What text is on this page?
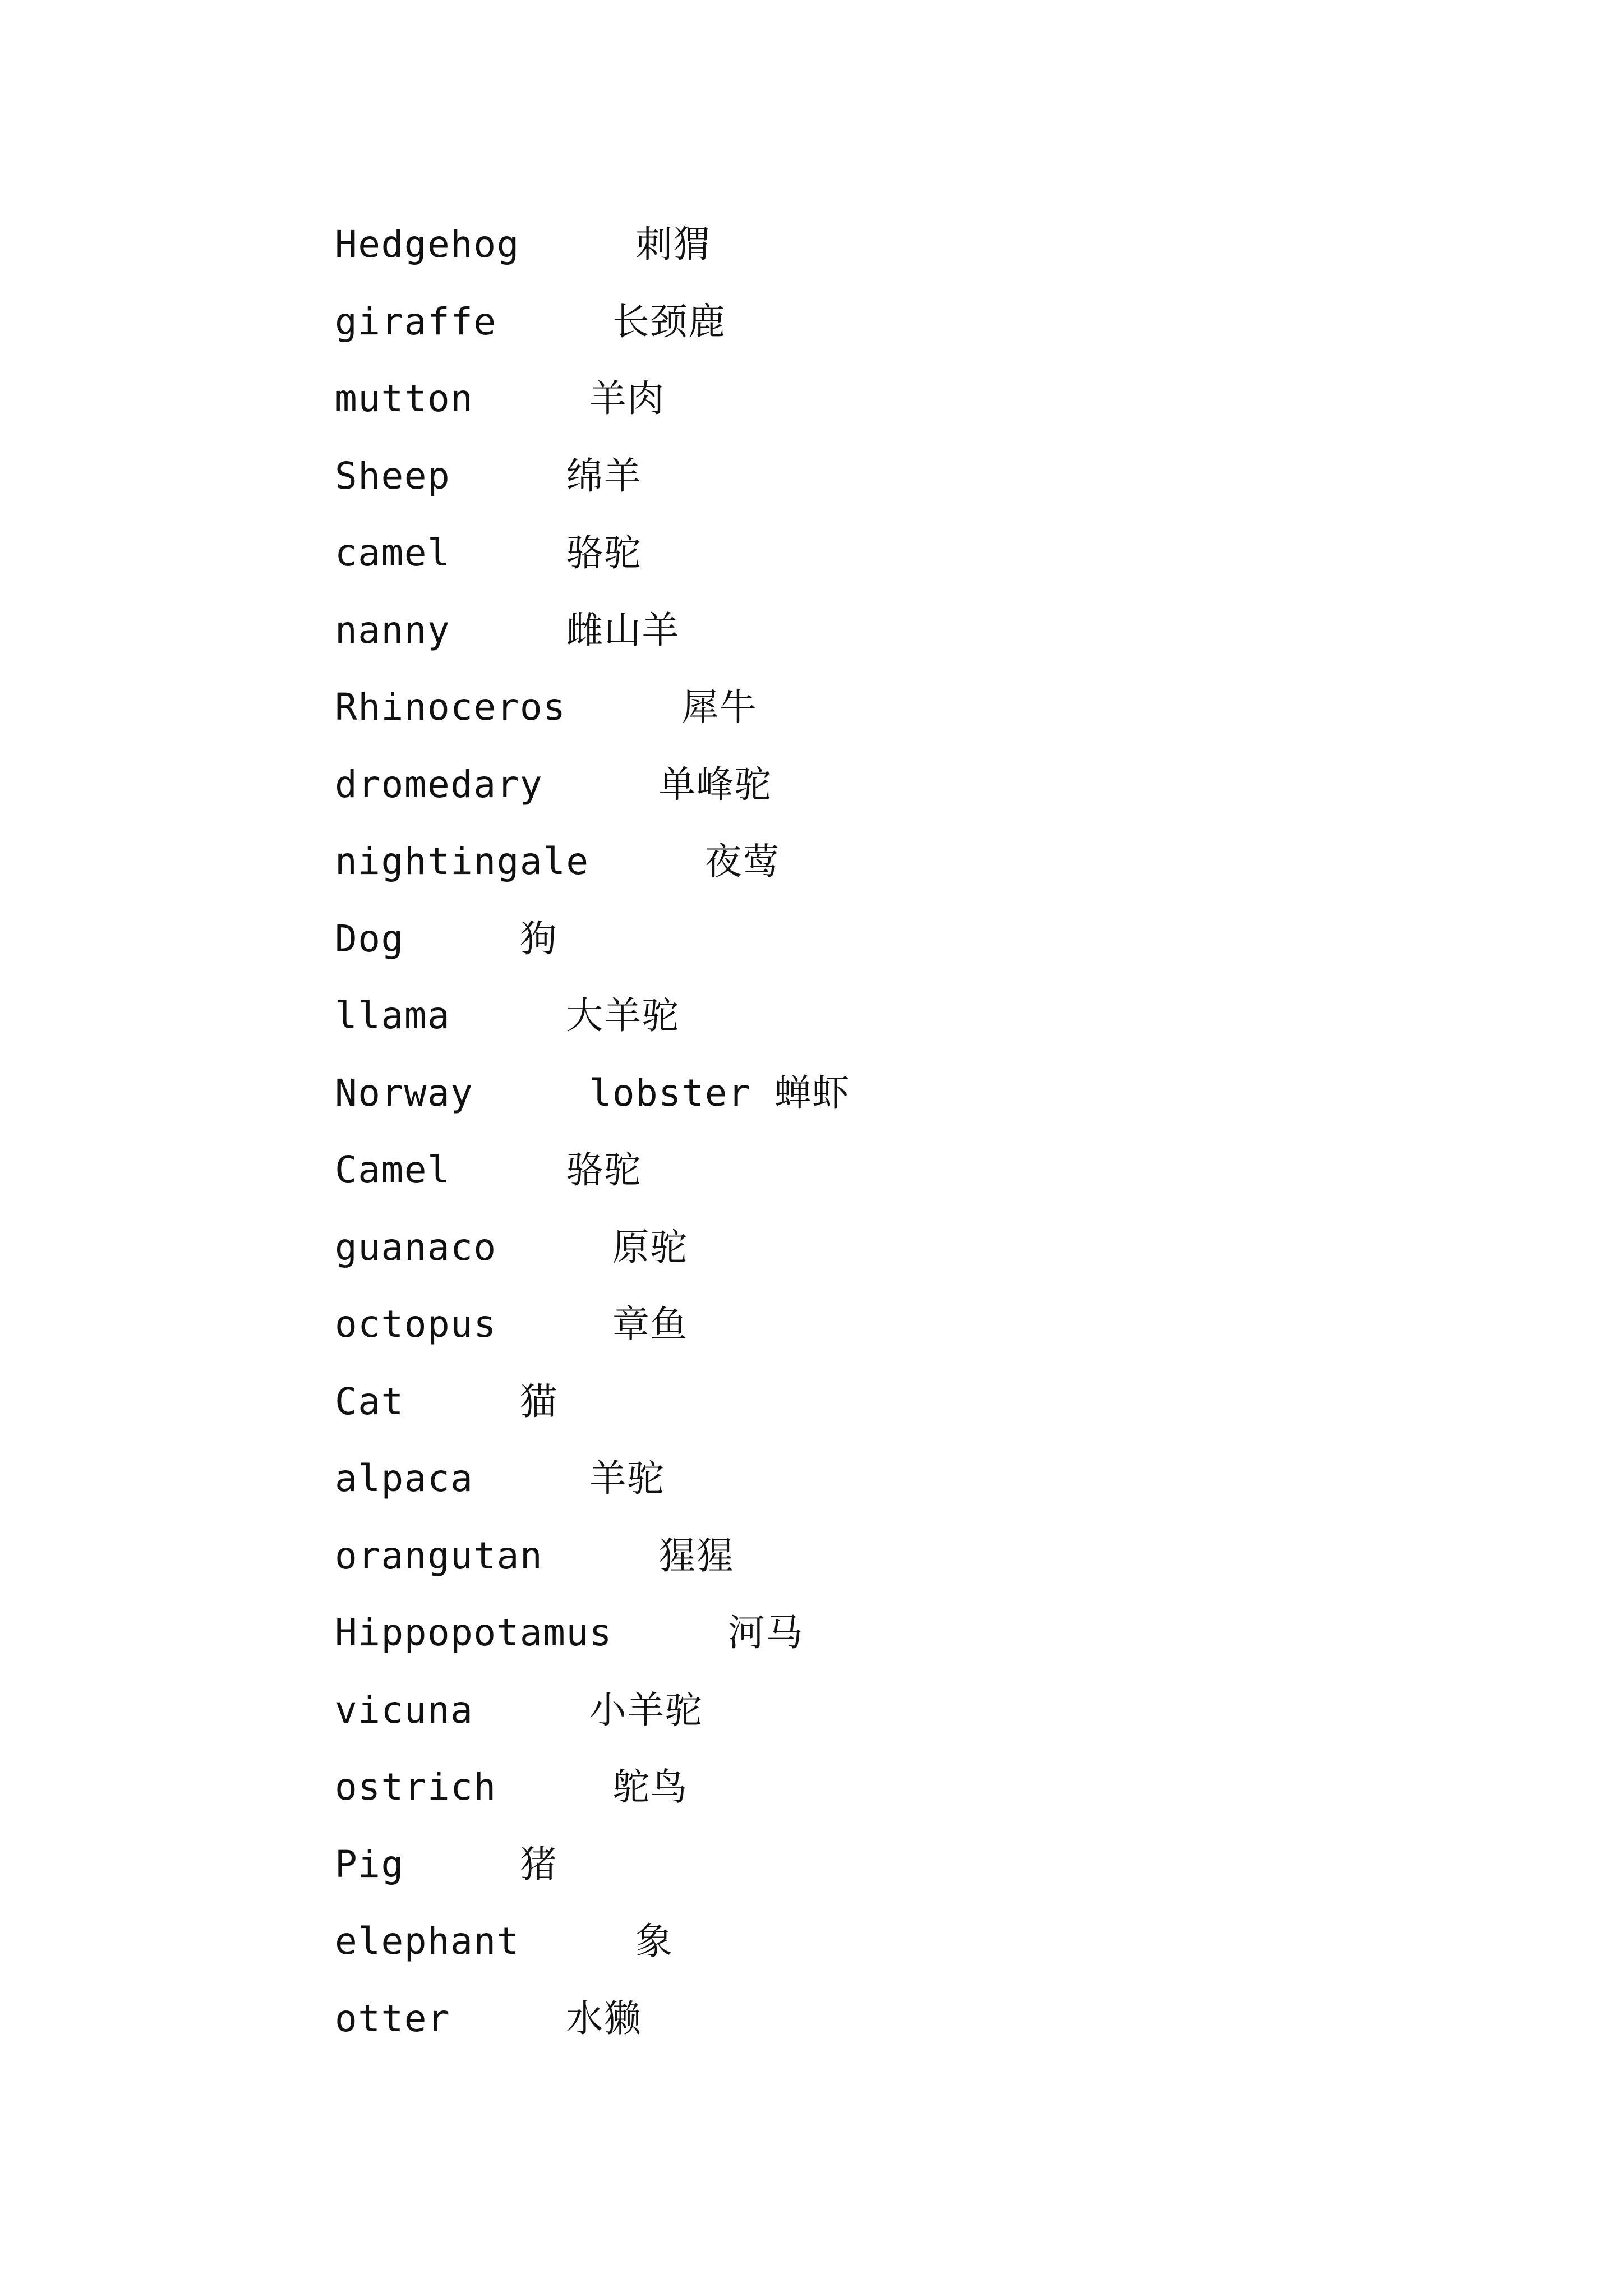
Hedgehog     刺猬
giraffe     长颈鹿
mutton     羊肉
Sheep     绵羊
camel     骆驼
nanny     雌山羊
Rhinoceros     犀牛
dromedary     单峰驼
nightingale     夜莺
Dog     狗
llama     大羊驼
Norway     lobster 蝉虾
Camel     骆驼
guanaco     原驼
octopus     章鱼
Cat     猫
alpaca     羊驼
orangutan     猩猩
Hippopotamus     河马
vicuna     小羊驼
ostrich     鸵鸟
Pig     猪
elephant     象
otter     水獭
